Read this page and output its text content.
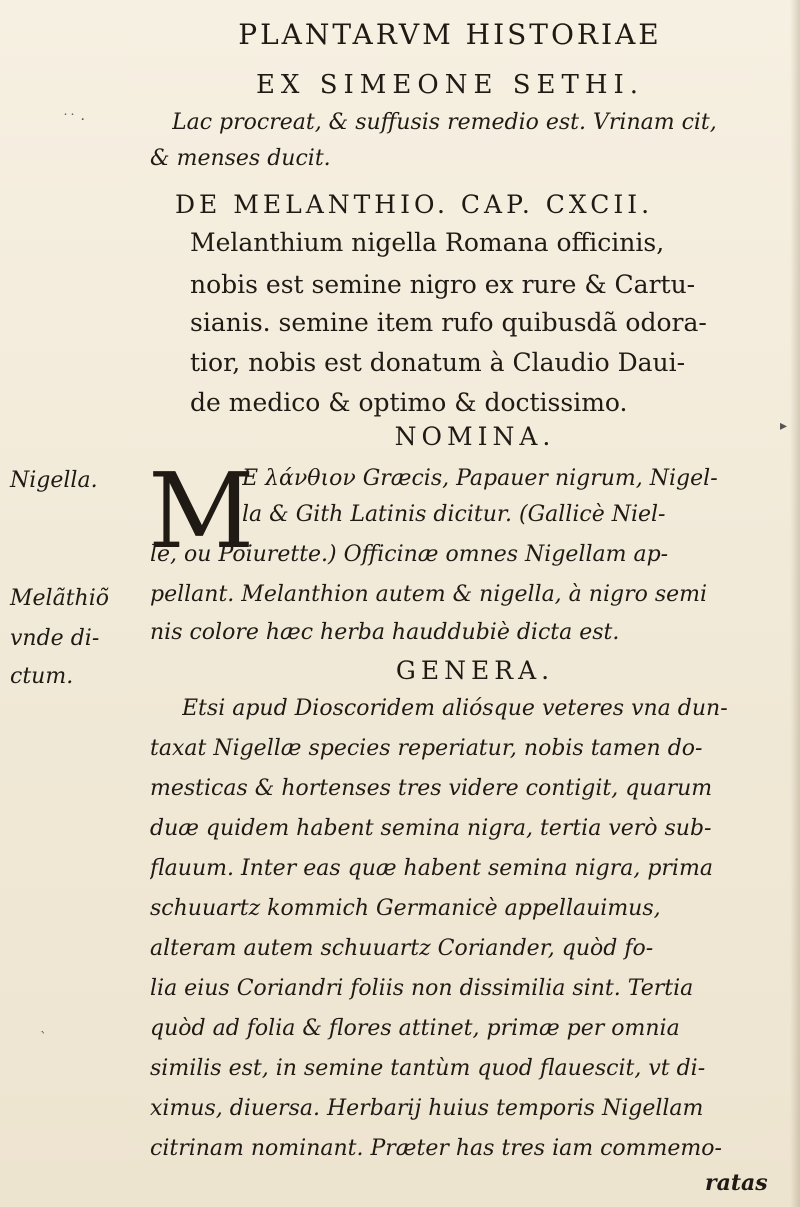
PLANTARVM HISTORIAE
EX SIMEONE SETHI.
˙˙ ·	Lac procreat, & suffusis remedio est. Vrinam cit,
& menses ducit.
DE MELANTHIO. CAP. CXCII.
Melanthium nigella Romana officinis,
nobis est semine nigro ex rure & Cartu-
sianis. semine item rufo quibusdã odora-
tior, nobis est donatum à Claudio Daui-
de medico & optimo & doctissimo.
NOMINA.
M
Ε λάνθιον Græcis, Papauer nigrum, Nigel-
la & Gith Latinis dicitur. (Gallicè Niel-
le, ou Poiurette.) Officinæ omnes Nigellam ap-
pellant. Melanthion autem & nigella, à nigro semi
nis colore hæc herba hauddubiè dicta est.
GENERA.
Etsi apud Dioscoridem aliósque veteres vna dun-
taxat Nigellæ species reperiatur, nobis tamen do-
mesticas & hortenses tres videre contigit, quarum
duæ quidem habent semina nigra, tertia verò sub-
flauum. Inter eas quæ habent semina nigra, prima
schuuartz kommich Germanicè appellauimus,
alteram autem schuuartz Coriander, quòd fo-
lia eius Coriandri foliis non dissimilia sint. Tertia
quòd ad folia & flores attinet, primæ per omnia
similis est, in semine tantùm quod flauescit, vt di-
ximus, diuersa. Herbarij huius temporis Nigellam
citrinam nominant. Præter has tres iam commemo-
ratas
Nigella.
Melãthiõ
vnde di-
ctum.
`
▸
